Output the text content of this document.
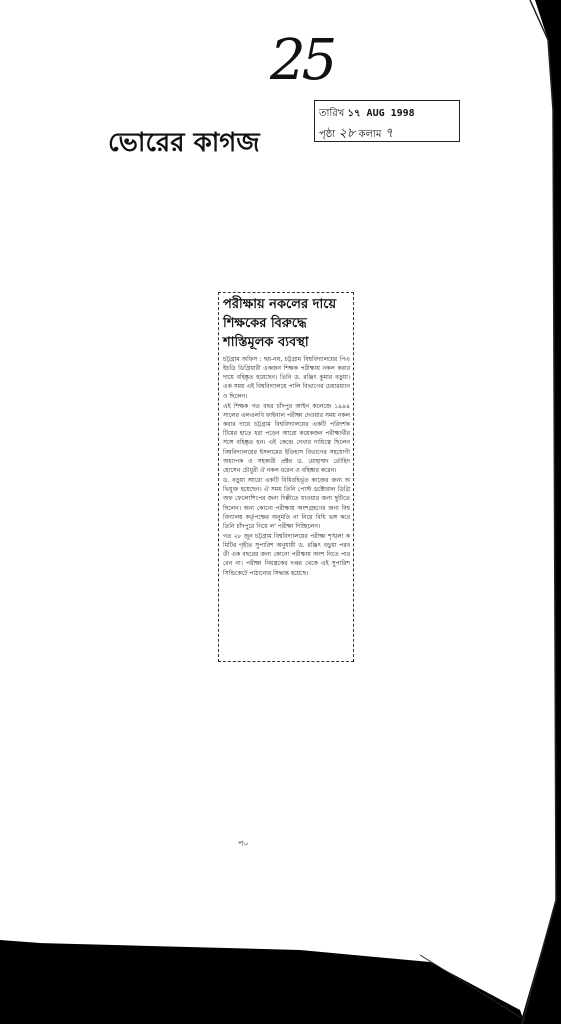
25
ভোরের কাগজ
তারিখ ১৭ AUG 1998
পৃষ্ঠা ২৮ কলাম ৭
পরীক্ষায় নকলের দায়ে
শিক্ষকের বিরুদ্ধে
শাস্তিমূলক ব্যবস্থা

চট্টগ্রাম অফিস : ছয়-নয়, চট্টগ্রাম বিশ্ববিদ্যালয়ের পিএইচডি ডিগ্রিধারী একজন শিক্ষক পরীক্ষায় নকল করার দায়ে বহিষ্কৃত হয়েছেন। তিনি ড. রঞ্জিৎ কুমার বড়ুয়া। এক সময় এই বিশ্ববিদ্যালয়ে পালি বিভাগের চেয়ারম্যানও ছিলেন।

এই শিক্ষক গত বছর চাঁদপুর আইন কলেজে ১৯৯৪ সালের এলএলবি ফাইনাল পরীক্ষা দেওয়ার সময় নকল করার দায়ে চট্টগ্রাম বিশ্ববিদ্যালয়ের একটি পরিদর্শক টিমের হাতে ধরা পড়েন আরো কয়েকজন পরীক্ষার্থীর সঙ্গে বহিষ্কৃত হন। এই কেন্দ্রে দেখার দায়িত্বে ছিলেন বিশ্ববিদ্যালয়ের ইসলামের ইতিহাস বিভাগের সহযোগী অধ্যাপক ও সহকারী প্রক্টর ড. মোহাম্মদ তৌহিদ হোসেন চৌধুরী ঐ নকল ধরেন ও বহিষ্কার করেন।

ড. বড়ুয়া আরো একটি বিধিবহির্ভূত কাজের জন্য অভিযুক্ত হয়েছেন। ঐ সময় তিনি পোস্ট ডক্টোরাল ডিগ্রি অফ ফেলোশিপের জন্য দিল্লীতে যাওয়ার জন্য ছুটিতে ছিলেন। অন্য কোনো পরীক্ষায় অংশগ্রহণের জন্য বিশ্ববিদ্যালয় কর্তৃপক্ষের অনুমতি না নিয়ে বিধি ভঙ্গ করে তিনি চাঁদপুরে গিয়ে ল' পরীক্ষা দিচ্ছিলেন।

গত ২৮ জুন চট্টগ্রাম বিশ্ববিদ্যালয়ের পরীক্ষা শৃঙ্খলা কমিটির গৃহীত সুপারিশ অনুযায়ী ড. রঞ্জিৎ বড়ুয়া পরবর্তী এক বছরের জন্য কোনো পরীক্ষায় অংশ নিতে পারবেন না। পরীক্ষা নিয়ন্ত্রকের দপ্তর থেকে এই সুপারিশ সিন্ডিকেটে পাঠানোর সিদ্ধান্ত হয়েছে।

প০
